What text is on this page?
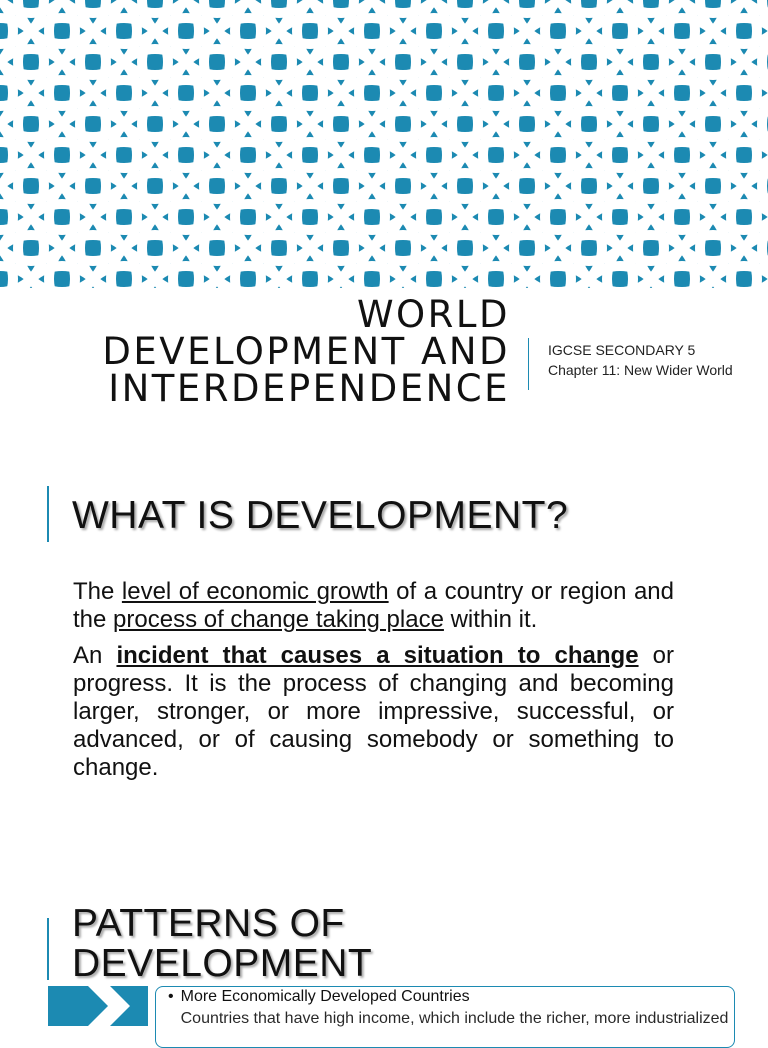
WORLD
DEVELOPMENT AND
INTERDEPENDENCE
IGCSE SECONDARY 5
Chapter 11: New Wider World
WHAT IS DEVELOPMENT?

The level of economic growth of a country or region and the process of change taking place within it.

An incident that causes a situation to change or progress. It is the process of changing and becoming larger, stronger, or more impressive, successful, or advanced, or of causing somebody or something to change.

PATTERNS OF
DEVELOPMENT
• More Economically Developed Countries
Countries that have high income, which include the richer, more industrialized
